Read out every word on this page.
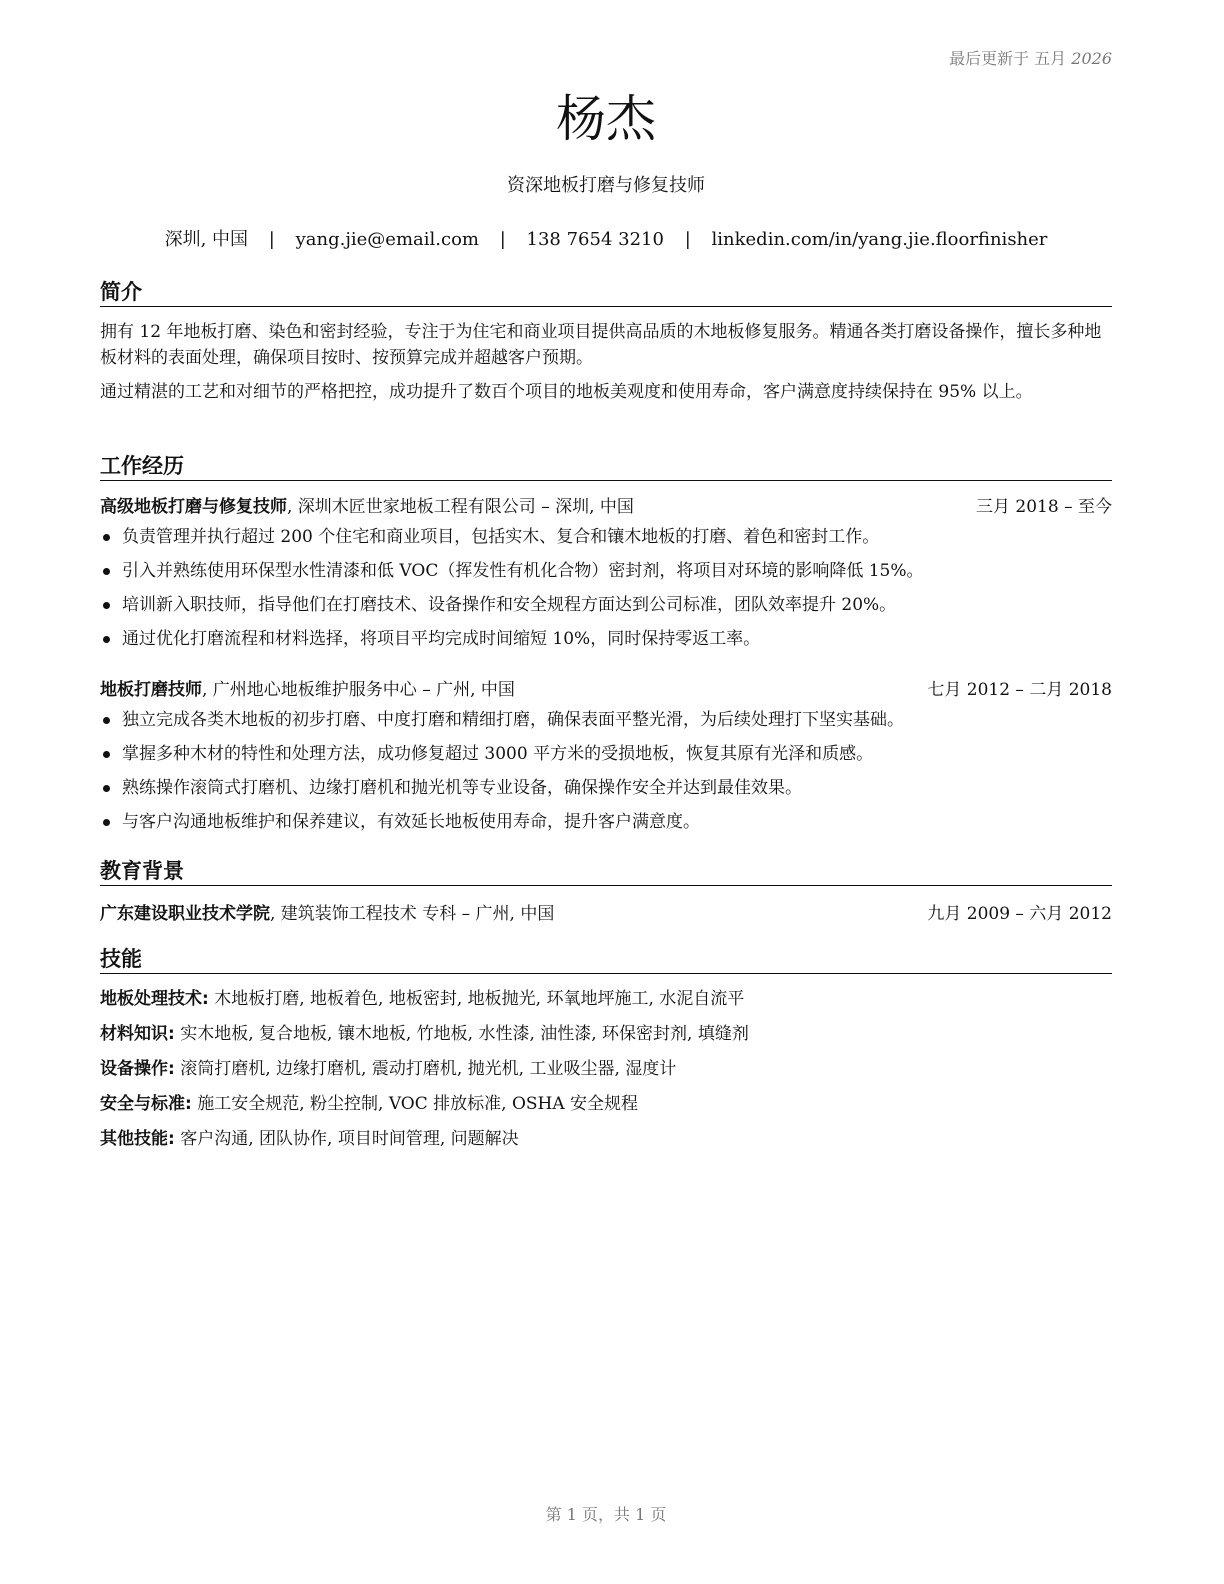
最后更新于 五月 2026
杨杰
资深地板打磨与修复技师
深圳, 中国 | yang.jie@email.com | 138 7654 3210 | linkedin.com/in/yang.jie.floorfinisher
简介

拥有 12 年地板打磨、染色和密封经验，专注于为住宅和商业项目提供高品质的木地板修复服务。精通各类打磨设备操作，擅长多种地板材料的表面处理，确保项目按时、按预算完成并超越客户预期。

通过精湛的工艺和对细节的严格把控，成功提升了数百个项目的地板美观度和使用寿命，客户满意度持续保持在 95% 以上。

工作经历
高级地板打磨与修复技师, 深圳木匠世家地板工程有限公司 – 深圳, 中国	三月 2018 – 至今
负责管理并执行超过 200 个住宅和商业项目，包括实木、复合和镶木地板的打磨、着色和密封工作。
引入并熟练使用环保型水性清漆和低 VOC（挥发性有机化合物）密封剂，将项目对环境的影响降低 15%。
培训新入职技师，指导他们在打磨技术、设备操作和安全规程方面达到公司标准，团队效率提升 20%。
通过优化打磨流程和材料选择，将项目平均完成时间缩短 10%，同时保持零返工率。
地板打磨技师, 广州地心地板维护服务中心 – 广州, 中国	七月 2012 – 二月 2018
独立完成各类木地板的初步打磨、中度打磨和精细打磨，确保表面平整光滑，为后续处理打下坚实基础。
掌握多种木材的特性和处理方法，成功修复超过 3000 平方米的受损地板，恢复其原有光泽和质感。
熟练操作滚筒式打磨机、边缘打磨机和抛光机等专业设备，确保操作安全并达到最佳效果。
与客户沟通地板维护和保养建议，有效延长地板使用寿命，提升客户满意度。
教育背景
广东建设职业技术学院, 建筑装饰工程技术 专科 – 广州, 中国	九月 2009 – 六月 2012
技能
地板处理技术: 木地板打磨, 地板着色, 地板密封, 地板抛光, 环氧地坪施工, 水泥自流平
材料知识: 实木地板, 复合地板, 镶木地板, 竹地板, 水性漆, 油性漆, 环保密封剂, 填缝剂
设备操作: 滚筒打磨机, 边缘打磨机, 震动打磨机, 抛光机, 工业吸尘器, 湿度计
安全与标准: 施工安全规范, 粉尘控制, VOC 排放标准, OSHA 安全规程
其他技能: 客户沟通, 团队协作, 项目时间管理, 问题解决
第 1 页，共 1 页
